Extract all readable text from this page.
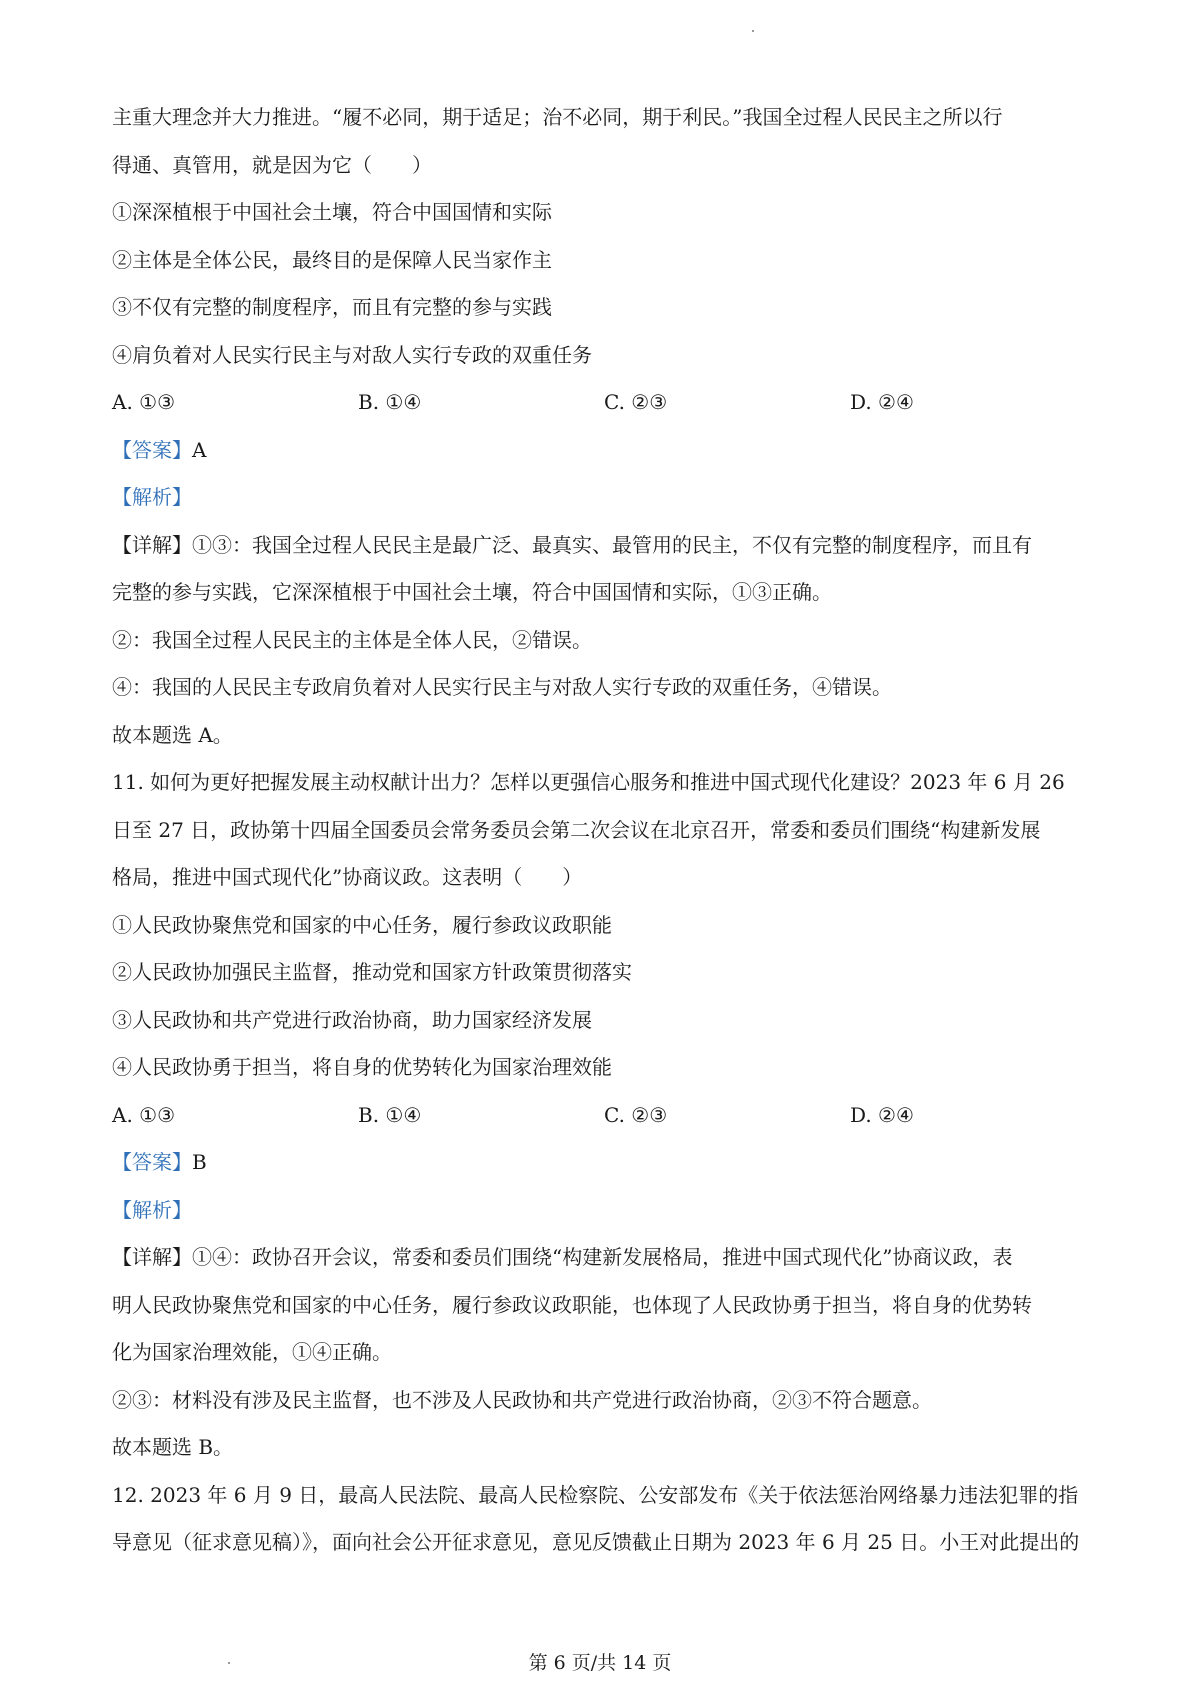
主重大理念并大力推进。“履不必同，期于适足；治不必同，期于利民。”我国全过程人民民主之所以行
得通、真管用，就是因为它（　　）
①深深植根于中国社会土壤，符合中国国情和实际
②主体是全体公民，最终目的是保障人民当家作主
③不仅有完整的制度程序，而且有完整的参与实践
④肩负着对人民实行民主与对敌人实行专政的双重任务
A. ①③	B. ①④	C. ②③	D. ②④
【答案】A
【解析】
【详解】①③：我国全过程人民民主是最广泛、最真实、最管用的民主，不仅有完整的制度程序，而且有
完整的参与实践，它深深植根于中国社会土壤，符合中国国情和实际，①③正确。
②：我国全过程人民民主的主体是全体人民，②错误。
④：我国的人民民主专政肩负着对人民实行民主与对敌人实行专政的双重任务，④错误。
故本题选 A。
11. 如何为更好把握发展主动权献计出力？怎样以更强信心服务和推进中国式现代化建设？2023 年 6 月 26
日至 27 日，政协第十四届全国委员会常务委员会第二次会议在北京召开，常委和委员们围绕“构建新发展
格局，推进中国式现代化”协商议政。这表明（　　）
①人民政协聚焦党和国家的中心任务，履行参政议政职能
②人民政协加强民主监督，推动党和国家方针政策贯彻落实
③人民政协和共产党进行政治协商，助力国家经济发展
④人民政协勇于担当，将自身的优势转化为国家治理效能
A. ①③	B. ①④	C. ②③	D. ②④
【答案】B
【解析】
【详解】①④：政协召开会议，常委和委员们围绕“构建新发展格局，推进中国式现代化”协商议政，表
明人民政协聚焦党和国家的中心任务，履行参政议政职能，也体现了人民政协勇于担当，将自身的优势转
化为国家治理效能，①④正确。
②③：材料没有涉及民主监督，也不涉及人民政协和共产党进行政治协商，②③不符合题意。
故本题选 B。
12. 2023 年 6 月 9 日，最高人民法院、最高人民检察院、公安部发布《关于依法惩治网络暴力违法犯罪的指
导意见（征求意见稿）》，面向社会公开征求意见，意见反馈截止日期为 2023 年 6 月 25 日。小王对此提出的
第 6 页/共 14 页
